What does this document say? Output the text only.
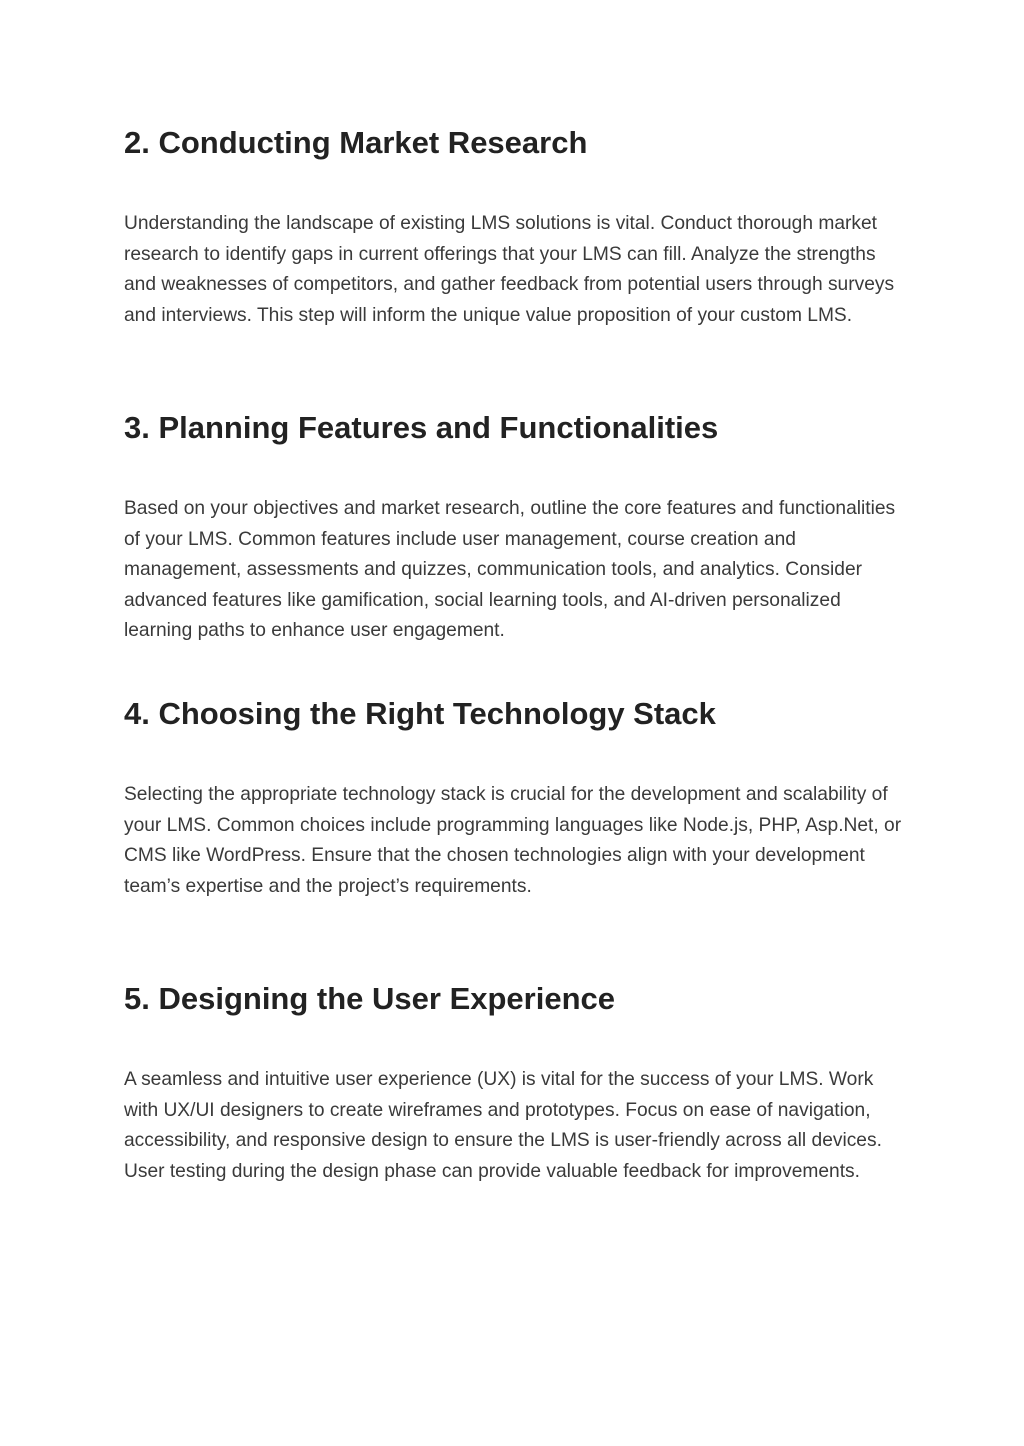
2. Conducting Market Research

Understanding the landscape of existing LMS solutions is vital. Conduct thorough market research to identify gaps in current offerings that your LMS can fill. Analyze the strengths and weaknesses of competitors, and gather feedback from potential users through surveys and interviews. This step will inform the unique value proposition of your custom LMS.

3. Planning Features and Functionalities

Based on your objectives and market research, outline the core features and functionalities of your LMS. Common features include user management, course creation and management, assessments and quizzes, communication tools, and analytics. Consider advanced features like gamification, social learning tools, and AI-driven personalized learning paths to enhance user engagement.

4. Choosing the Right Technology Stack

Selecting the appropriate technology stack is crucial for the development and scalability of your LMS. Common choices include programming languages like Node.js, PHP, Asp.Net, or CMS like WordPress. Ensure that the chosen technologies align with your development team’s expertise and the project’s requirements.

5. Designing the User Experience

A seamless and intuitive user experience (UX) is vital for the success of your LMS. Work with UX/UI designers to create wireframes and prototypes. Focus on ease of navigation, accessibility, and responsive design to ensure the LMS is user-friendly across all devices. User testing during the design phase can provide valuable feedback for improvements.
